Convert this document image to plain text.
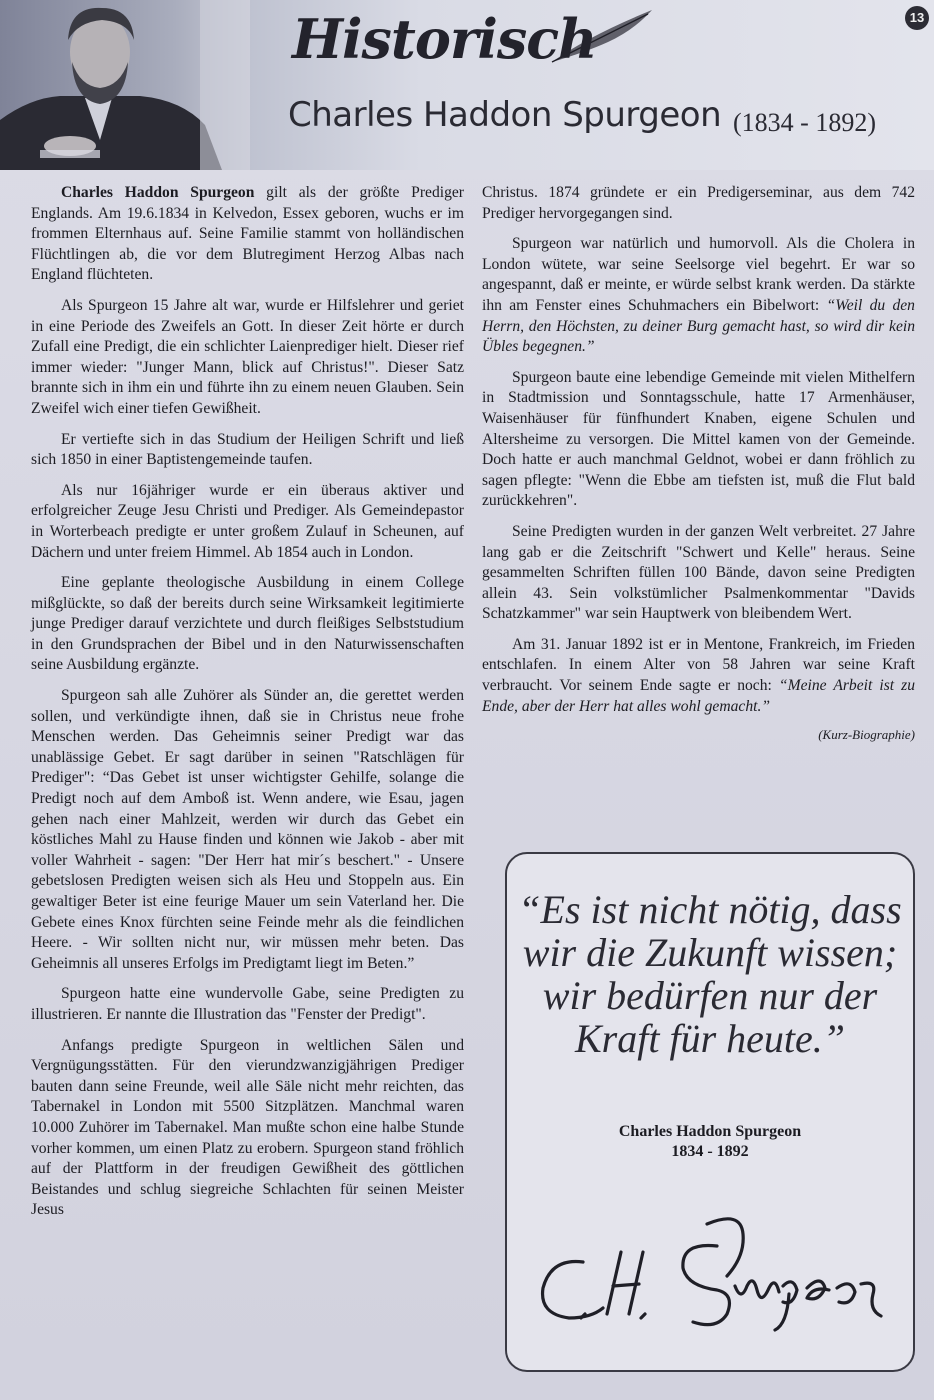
Historisch
Charles Haddon Spurgeon (1834 - 1892)
13

Charles Haddon Spurgeon gilt als der größte Prediger Englands. Am 19.6.1834 in Kelvedon, Essex geboren, wuchs er im frommen Elternhaus auf. Seine Familie stammt von holländischen Flüchtlingen ab, die vor dem Blutregiment Herzog Albas nach England flüchteten.

Als Spurgeon 15 Jahre alt war, wurde er Hilfslehrer und geriet in eine Periode des Zweifels an Gott. In dieser Zeit hörte er durch Zufall eine Predigt, die ein schlichter Laienprediger hielt. Dieser rief immer wieder: "Junger Mann, blick auf Christus!". Dieser Satz brannte sich in ihm ein und führte ihn zu einem neuen Glauben. Sein Zweifel wich einer tiefen Gewißheit.

Er vertiefte sich in das Studium der Heiligen Schrift und ließ sich 1850 in einer Baptistengemeinde taufen.

Als nur 16jähriger wurde er ein überaus aktiver und erfolgreicher Zeuge Jesu Christi und Prediger. Als Gemeindepastor in Worterbeach predigte er unter großem Zulauf in Scheunen, auf Dächern und unter freiem Himmel. Ab 1854 auch in London.

Eine geplante theologische Ausbildung in einem College mißglückte, so daß der bereits durch seine Wirksamkeit legitimierte junge Prediger darauf verzichtete und durch fleißiges Selbststudium in den Grundsprachen der Bibel und in den Naturwissenschaften seine Ausbildung ergänzte.

Spurgeon sah alle Zuhörer als Sünder an, die gerettet werden sollen, und verkündigte ihnen, daß sie in Christus neue frohe Menschen werden. Das Geheimnis seiner Predigt war das unablässige Gebet. Er sagt darüber in seinen "Ratschlägen für Prediger": “Das Gebet ist unser wichtigster Gehilfe, solange die Predigt noch auf dem Amboß ist. Wenn andere, wie Esau, jagen gehen nach einer Mahlzeit, werden wir durch das Gebet ein köstliches Mahl zu Hause finden und können wie Jakob - aber mit voller Wahrheit - sagen: "Der Herr hat mir´s beschert." - Unsere gebetslosen Predigten weisen sich als Heu und Stoppeln aus. Ein gewaltiger Beter ist eine feurige Mauer um sein Vaterland her. Die Gebete eines Knox fürchten seine Feinde mehr als die feindlichen Heere. - Wir sollten nicht nur, wir müssen mehr beten. Das Geheimnis all unseres Erfolgs im Predigtamt liegt im Beten.”

Spurgeon hatte eine wundervolle Gabe, seine Predigten zu illustrieren. Er nannte die Illustration das "Fenster der Predigt".

Anfangs predigte Spurgeon in weltlichen Sälen und Vergnügungsstätten. Für den vierundzwanzigjährigen Prediger bauten dann seine Freunde, weil alle Säle nicht mehr reichten, das Tabernakel in London mit 5500 Sitzplätzen. Manchmal waren 10.000 Zuhörer im Tabernakel. Man mußte schon eine halbe Stunde vorher kommen, um einen Platz zu erobern. Spurgeon stand fröhlich auf der Plattform in der freudigen Gewißheit des göttlichen Beistandes und schlug siegreiche Schlachten für seinen Meister Jesus

Christus. 1874 gründete er ein Predigerseminar, aus dem 742 Prediger hervorgegangen sind.

Spurgeon war natürlich und humorvoll. Als die Cholera in London wütete, war seine Seelsorge viel begehrt. Er war so angespannt, daß er meinte, er würde selbst krank werden. Da stärkte ihn am Fenster eines Schuhmachers ein Bibelwort: “Weil du den Herrn, den Höchsten, zu deiner Burg gemacht hast, so wird dir kein Übles begegnen.”

Spurgeon baute eine lebendige Gemeinde mit vielen Mithelfern in Stadtmission und Sonntagsschule, hatte 17 Armenhäuser, Waisenhäuser für fünfhundert Knaben, eigene Schulen und Altersheime zu versorgen. Die Mittel kamen von der Gemeinde. Doch hatte er auch manchmal Geldnot, wobei er dann fröhlich zu sagen pflegte: "Wenn die Ebbe am tiefsten ist, muß die Flut bald zurückkehren".

Seine Predigten wurden in der ganzen Welt verbreitet. 27 Jahre lang gab er die Zeitschrift "Schwert und Kelle" heraus. Seine gesammelten Schriften füllen 100 Bände, davon seine Predigten allein 43. Sein volkstümlicher Psalmenkommentar "Davids Schatzkammer" war sein Hauptwerk von bleibendem Wert.

Am 31. Januar 1892 ist er in Mentone, Frankreich, im Frieden entschlafen. In einem Alter von 58 Jahren war seine Kraft verbraucht. Vor seinem Ende sagte er noch: “Meine Arbeit ist zu Ende, aber der Herr hat alles wohl gemacht.”

(Kurz-Biographie)
“Es ist nicht nötig, dass wir die Zukunft wissen; wir bedürfen nur der Kraft für heute.”
Charles Haddon Spurgeon
1834 - 1892
